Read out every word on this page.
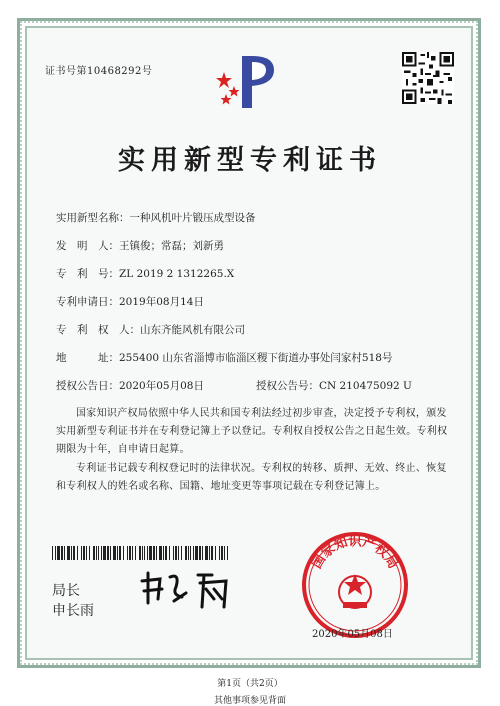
证书号第10468292号
实用新型专利证书
实用新型名称：一种风机叶片锻压成型设备
发　明　人：王镇俊；常磊；刘新勇
专　利　号：ZL 2019 2 1312265.X
专利申请日：2019年08月14日
专　利　权　人：山东齐能风机有限公司
地　　　址：255400 山东省淄博市临淄区稷下街道办事处闫家村518号
授权公告日：2020年05月08日	授权公告号：CN 210475092 U
国家知识产权局依照中华人民共和国专利法经过初步审查，决定授予专利权，颁发实用新型专利证书并在专利登记簿上予以登记。专利权自授权公告之日起生效。专利权期限为十年，自申请日起算。
专利证书记载专利权登记时的法律状况。专利权的转移、质押、无效、终止、恢复和专利权人的姓名或名称、国籍、地址变更等事项记载在专利登记簿上。
局长
申长雨
国家知识产权局
2020年05月08日
第1页（共2页）
其他事项参见背面
